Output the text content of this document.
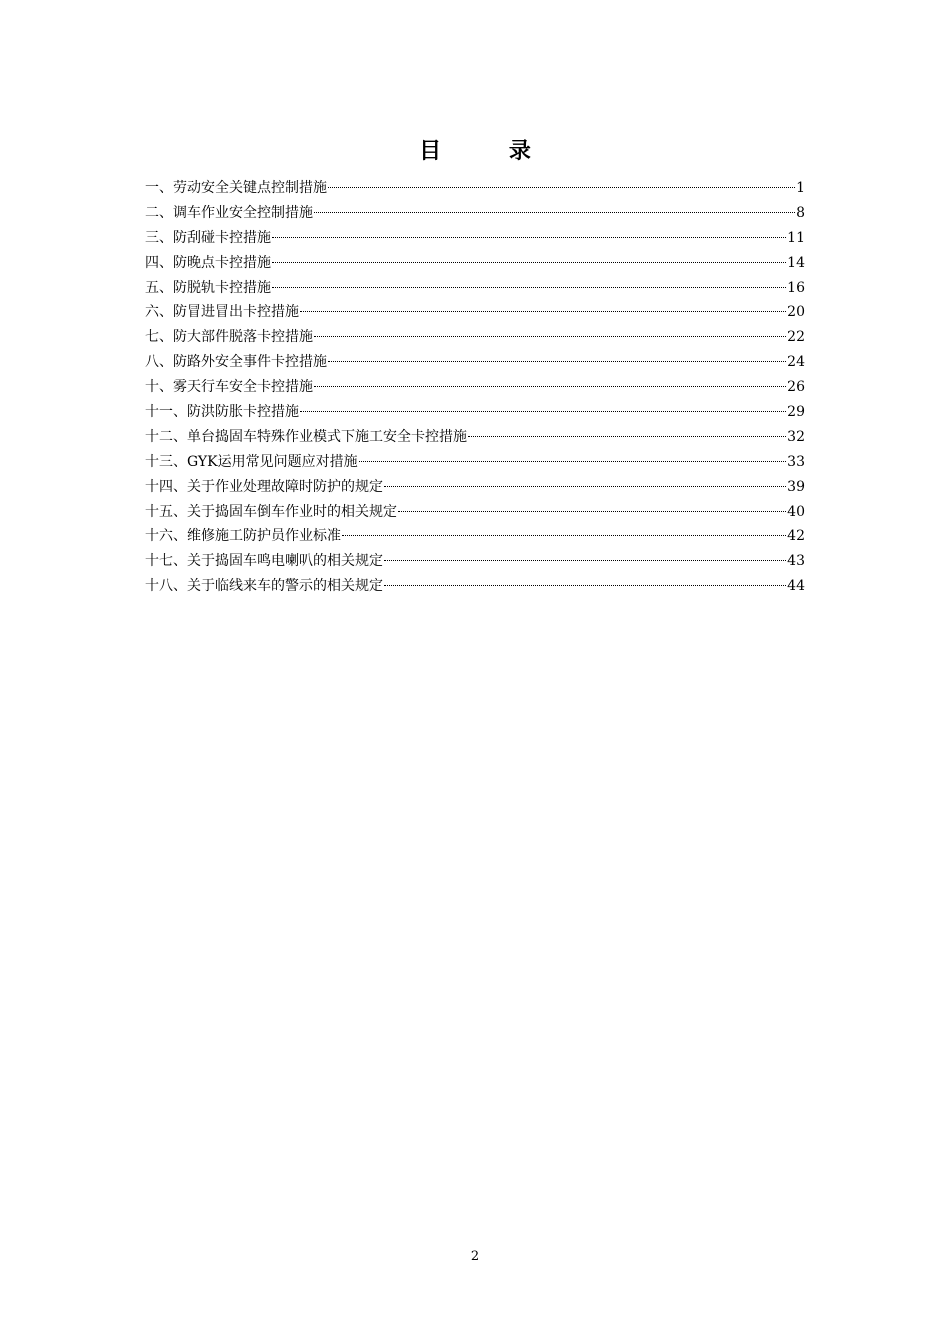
目 录
一、劳动安全关键点控制措施	1
二、调车作业安全控制措施	8
三、防刮碰卡控措施	11
四、防晚点卡控措施	14
五、防脱轨卡控措施	16
六、防冒进冒出卡控措施	20
七、防大部件脱落卡控措施	22
八、防路外安全事件卡控措施	24
十、雾天行车安全卡控措施	26
十一、防洪防胀卡控措施	29
十二、单台捣固车特殊作业模式下施工安全卡控措施	32
十三、GYK运用常见问题应对措施	33
十四、关于作业处理故障时防护的规定	39
十五、关于捣固车倒车作业时的相关规定	40
十六、维修施工防护员作业标准	42
十七、关于捣固车鸣电喇叭的相关规定	43
十八、关于临线来车的警示的相关规定	44
2
